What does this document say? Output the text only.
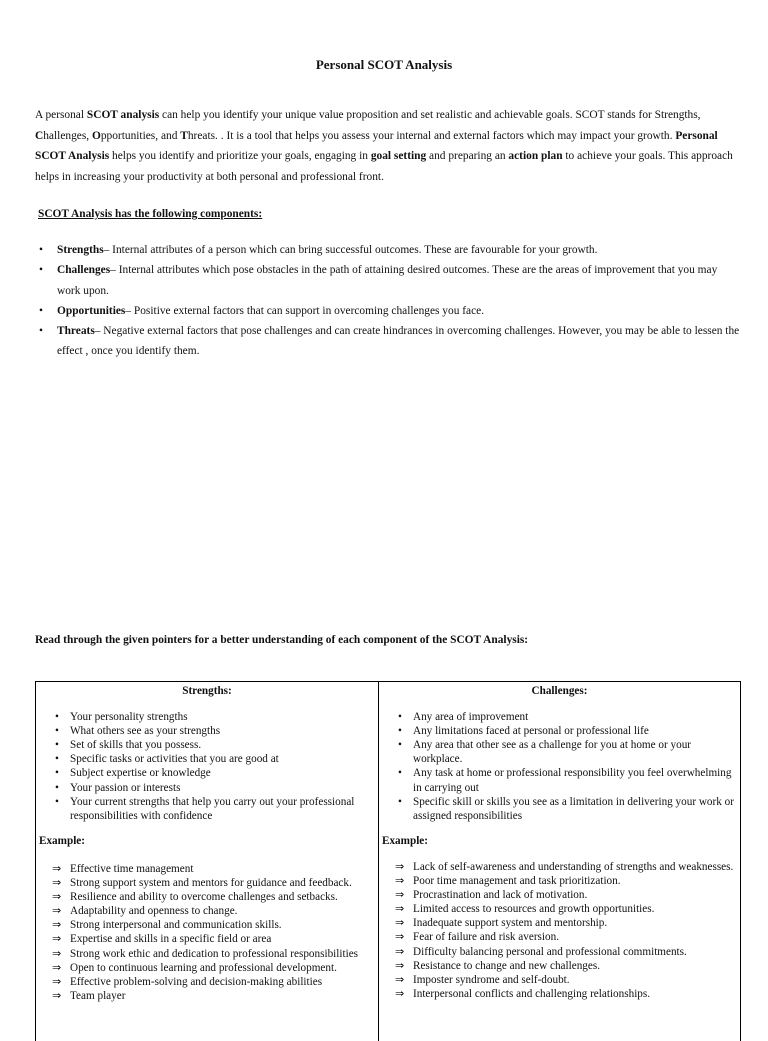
Personal SCOT Analysis

A personal SCOT analysis can help you identify your unique value proposition and set realistic and achievable goals. SCOT stands for Strengths, Challenges, Opportunities, and Threats. . It is a tool that helps you assess your internal and external factors which may impact your growth. Personal SCOT Analysis helps you identify and prioritize your goals, engaging in goal setting and preparing an action plan to achieve your goals. This approach helps in increasing your productivity at both personal and professional front.

SCOT Analysis has the following components:
• Strengths– Internal attributes of a person which can bring successful outcomes. These are favourable for your growth.
• Challenges– Internal attributes which pose obstacles in the path of attaining desired outcomes. These are the areas of improvement that you may work upon.
• Opportunities– Positive external factors that can support in overcoming challenges you face.
• Threats– Negative external factors that pose challenges and can create hindrances in overcoming challenges. However, you may be able to lessen the effect , once you identify them.
Read through the given pointers for a better understanding of each component of the SCOT Analysis:

Strengths:

• Your personality strengths
• What others see as your strengths
• Set of skills that you possess.
• Specific tasks or activities that you are good at
• Subject expertise or knowledge
• Your passion or interests
• Your current strengths that help you carry out your professional responsibilities with confidence

Example:

⇒ Effective time management
⇒ Strong support system and mentors for guidance and feedback.
⇒ Resilience and ability to overcome challenges and setbacks.
⇒ Adaptability and openness to change.
⇒ Strong interpersonal and communication skills.
⇒ Expertise and skills in a specific field or area
⇒ Strong work ethic and dedication to professional responsibilities
⇒ Open to continuous learning and professional development.
⇒ Effective problem-solving and decision-making abilities
⇒ Team player

Challenges:

• Any area of improvement
• Any limitations faced at personal or professional life
• Any area that other see as a challenge for you at home or your workplace.
• Any task at home or professional responsibility you feel overwhelming in carrying out
• Specific skill or skills you see as a limitation in delivering your work or assigned responsibilities

Example:

⇒ Lack of self-awareness and understanding of strengths and weaknesses.
⇒ Poor time management and task prioritization.
⇒ Procrastination and lack of motivation.
⇒ Limited access to resources and growth opportunities.
⇒ Inadequate support system and mentorship.
⇒ Fear of failure and risk aversion.
⇒ Difficulty balancing personal and professional commitments.
⇒ Resistance to change and new challenges.
⇒ Imposter syndrome and self-doubt.
⇒ Interpersonal conflicts and challenging relationships.
